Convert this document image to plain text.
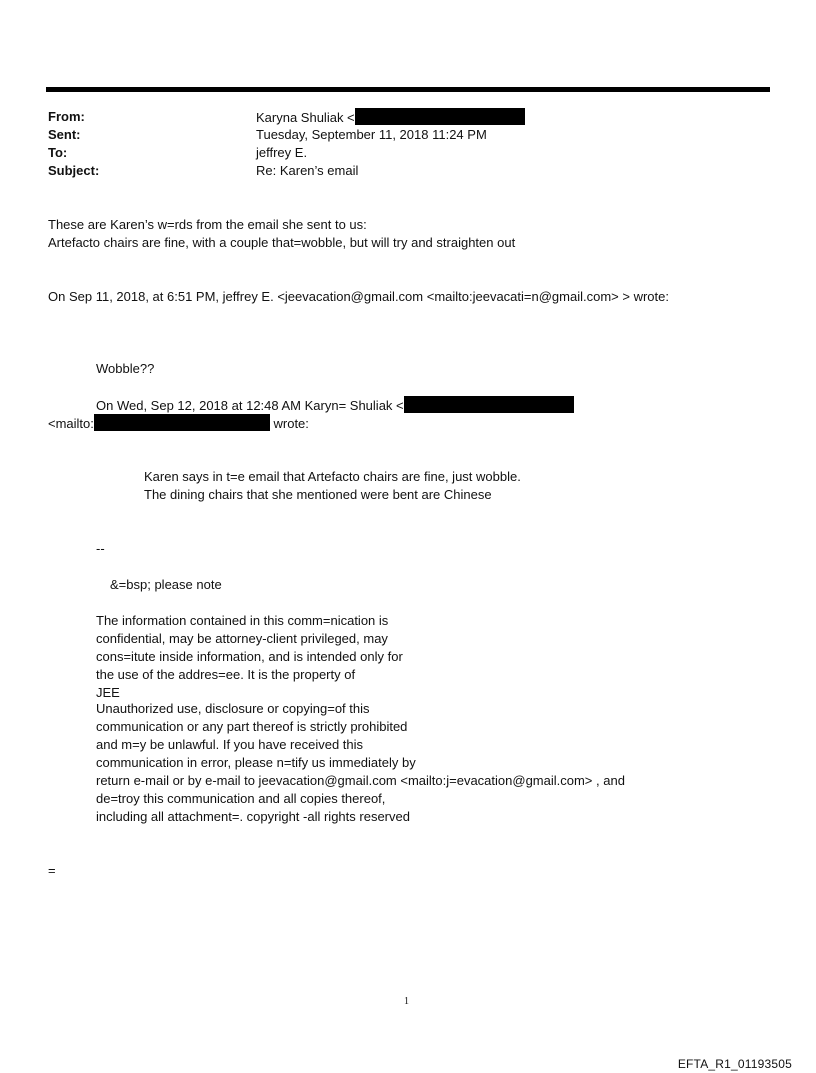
From:	Karyna Shuliak <
Sent:	Tuesday, September 11, 2018 11:24 PM
To:	jeffrey E.
Subject:	Re: Karen’s email
These are Karen’s w=rds from the email she sent to us:
Artefacto chairs are fine, with a couple that=wobble, but will try and straighten out
On Sep 11, 2018, at 6:51 PM, jeffrey E. <jeevacation@gmail.com <mailto:jeevacati=n@gmail.com> > wrote:
Wobble??
On Wed, Sep 12, 2018 at 12:48 AM Karyn= Shuliak <
<mailto:	wrote:
Karen says in t=e email that Artefacto chairs are fine, just wobble.
The dining chairs that she mentioned were bent are Chinese
--
&=bsp; please note
The information contained in this comm=nication is
confidential, may be attorney-client privileged, may
cons=itute inside information, and is intended only for
the use of the addres=ee. It is the property of
JEE
Unauthorized use, disclosure or copying=of this
communication or any part thereof is strictly prohibited
and m=y be unlawful. If you have received this
communication in error, please n=tify us immediately by
return e-mail or by e-mail to jeevacation@gmail.com <mailto:j=evacation@gmail.com> , and
de=troy this communication and all copies thereof,
including all attachment=. copyright -all rights reserved
=
1
EFTA_R1_01193505
